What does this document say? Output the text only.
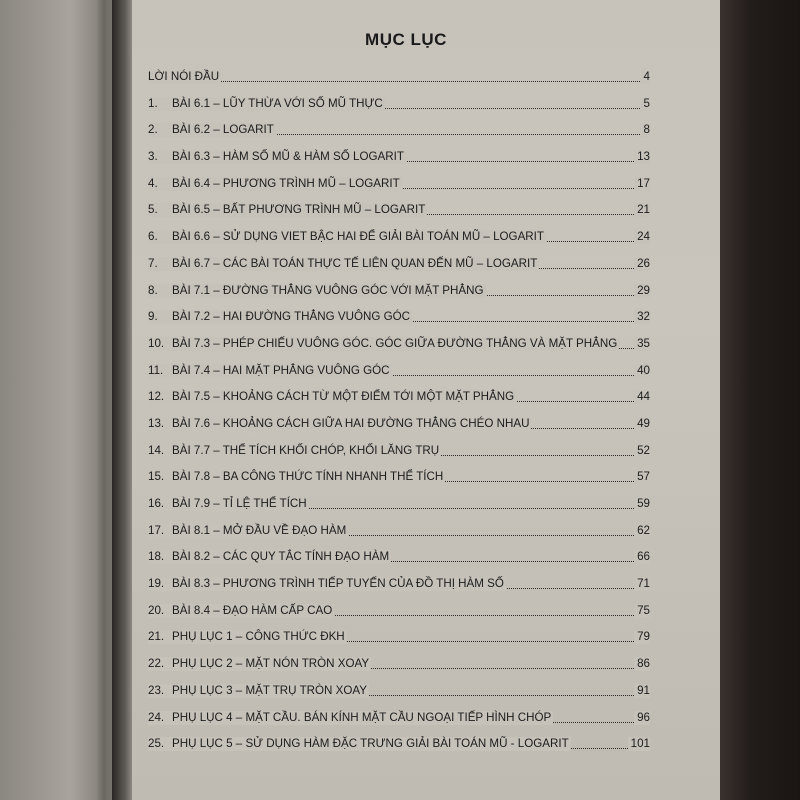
MỤC LỤC
LỜI NÓI ĐẦU	4
1.	BÀI 6.1 – LŨY THỪA VỚI SỐ MŨ THỰC	5
2.	BÀI 6.2 – LOGARIT	8
3.	BÀI 6.3 – HÀM SỐ MŨ & HÀM SỐ LOGARIT	13
4.	BÀI 6.4 – PHƯƠNG TRÌNH MŨ – LOGARIT	17
5.	BÀI 6.5 – BẤT PHƯƠNG TRÌNH MŨ – LOGARIT	21
6.	BÀI 6.6 – SỬ DỤNG VIET BẬC HAI ĐỂ GIẢI BÀI TOÁN MŨ – LOGARIT	24
7.	BÀI 6.7 – CÁC BÀI TOÁN THỰC TẾ LIÊN QUAN ĐẾN MŨ – LOGARIT	26
8.	BÀI 7.1 – ĐƯỜNG THẲNG VUÔNG GÓC VỚI MẶT PHẲNG	29
9.	BÀI 7.2 – HAI ĐƯỜNG THẲNG VUÔNG GÓC	32
10. BÀI 7.3 – PHÉP CHIẾU VUÔNG GÓC. GÓC GIỮA ĐƯỜNG THẲNG VÀ MẶT PHẲNG 35
11. BÀI 7.4 – HAI MẶT PHẲNG VUÔNG GÓC	40
12. BÀI 7.5 – KHOẢNG CÁCH TỪ MỘT ĐIỂM TỚI MỘT MẶT PHẲNG	44
13. BÀI 7.6 – KHOẢNG CÁCH GIỮA HAI ĐƯỜNG THẲNG CHÉO NHAU	49
14. BÀI 7.7 – THỂ TÍCH KHỐI CHÓP, KHỐI LĂNG TRỤ	52
15. BÀI 7.8 – BA CÔNG THỨC TÍNH NHANH THỂ TÍCH	57
16. BÀI 7.9 – TỈ LỆ THỂ TÍCH	59
17. BÀI 8.1 – MỞ ĐẦU VỀ ĐẠO HÀM	62
18. BÀI 8.2 – CÁC QUY TẮC TÍNH ĐẠO HÀM	66
19. BÀI 8.3 – PHƯƠNG TRÌNH TIẾP TUYẾN CỦA ĐỒ THỊ HÀM SỐ	71
20. BÀI 8.4 – ĐẠO HÀM CẤP CAO	75
21. PHỤ LỤC 1 – CÔNG THỨC ĐKH	79
22. PHỤ LỤC 2 – MẶT NÓN TRÒN XOAY	86
23. PHỤ LỤC 3 – MẶT TRỤ TRÒN XOAY	91
24. PHỤ LỤC 4 – MẶT CẦU. BÁN KÍNH MẶT CẦU NGOẠI TIẾP HÌNH CHÓP	96
25. PHỤ LỤC 5 – SỬ DỤNG HÀM ĐẶC TRƯNG GIẢI BÀI TOÁN MŨ - LOGARIT	101
